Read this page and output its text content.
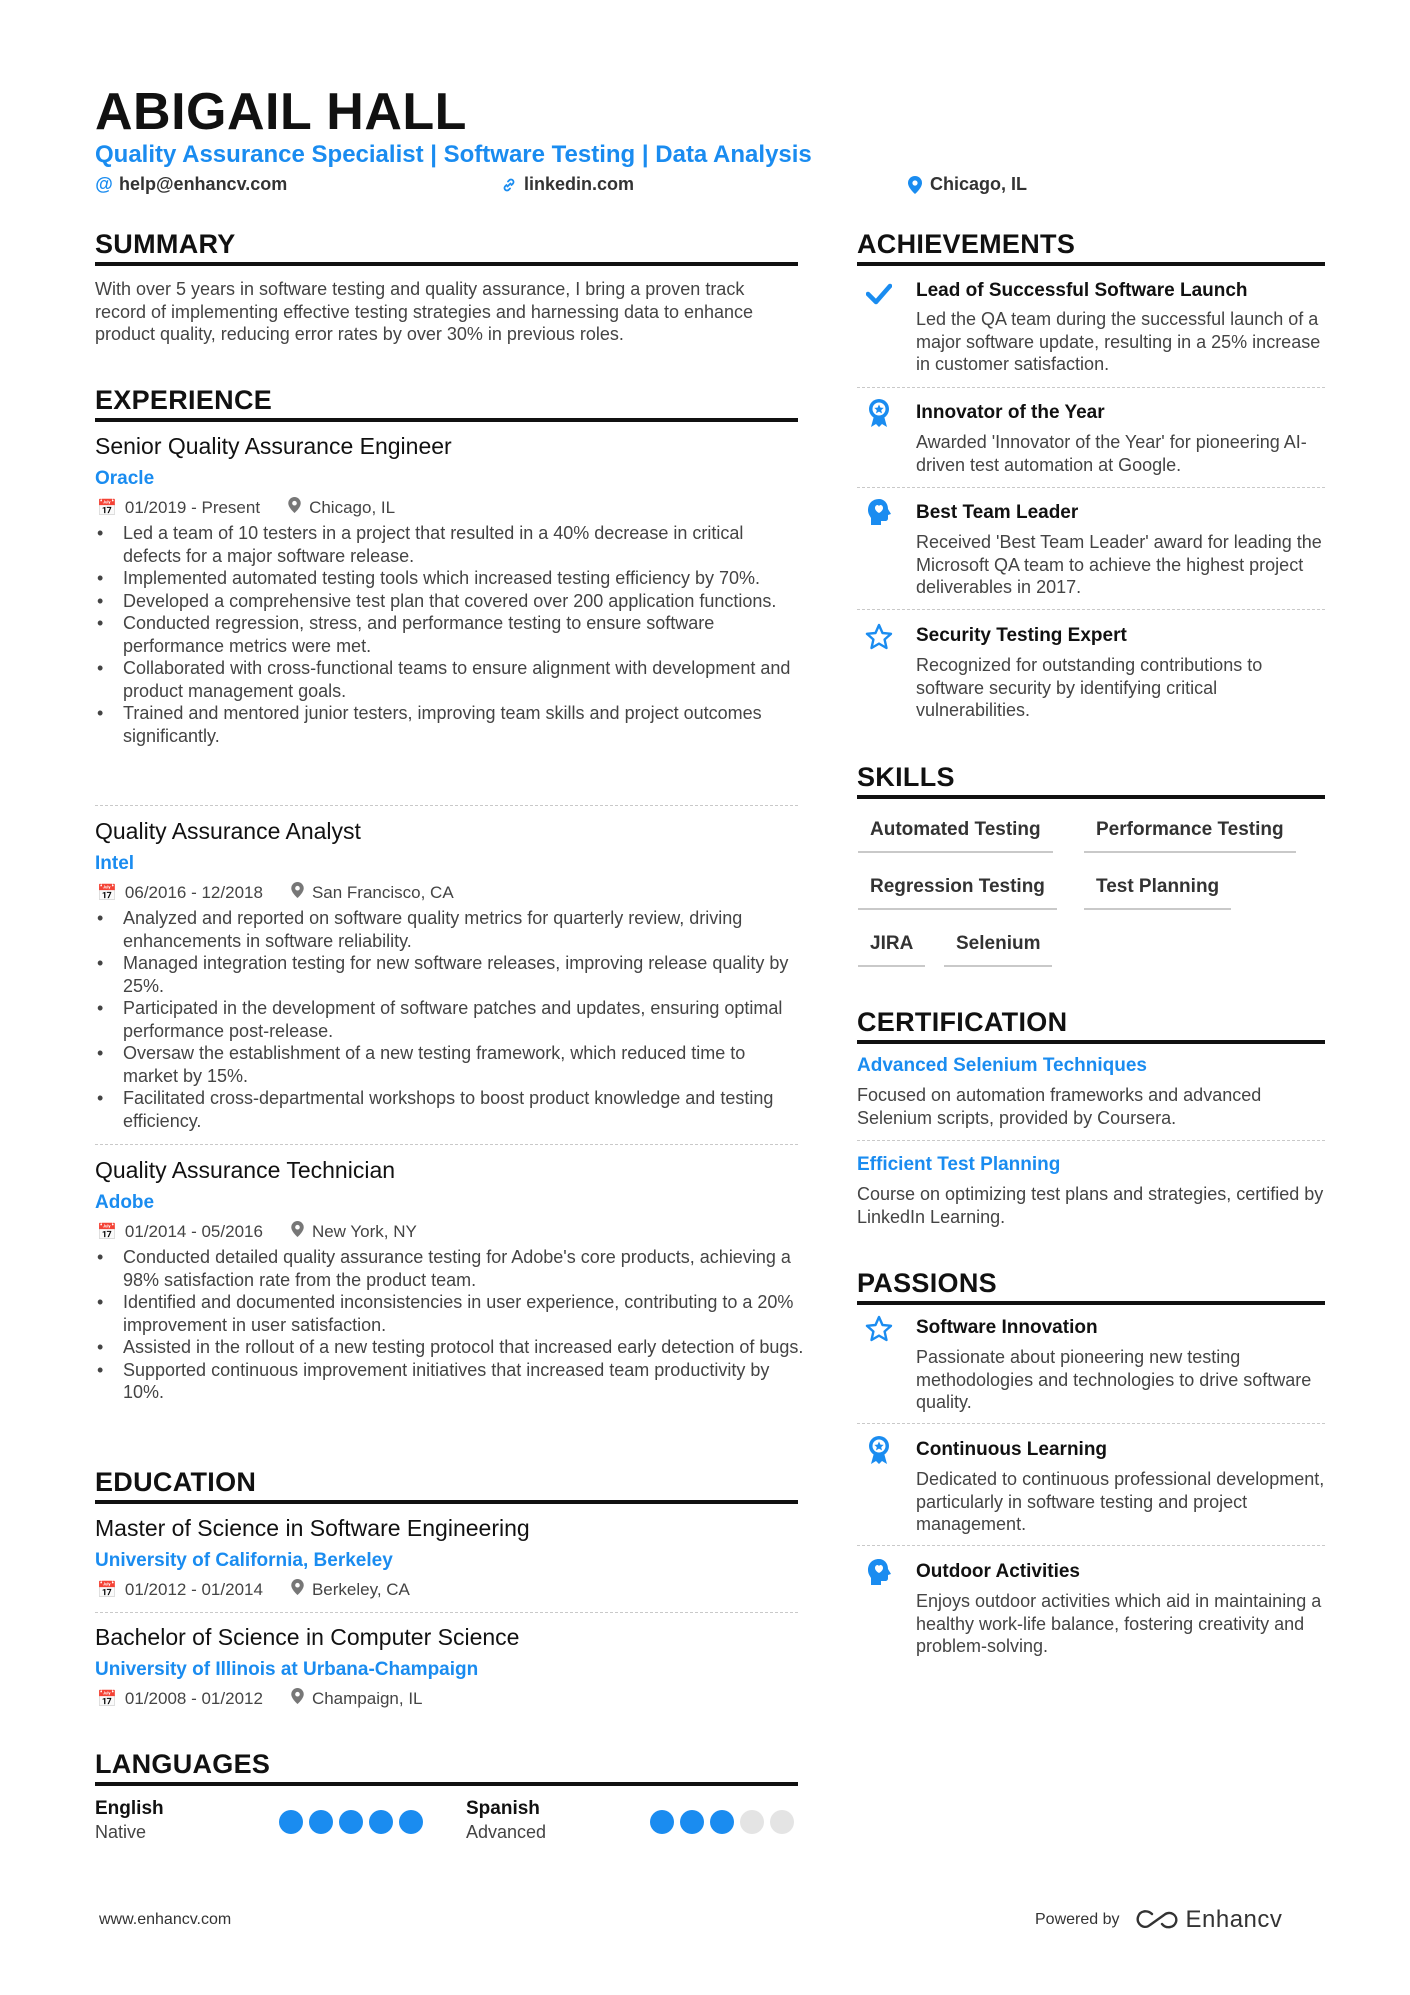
ABIGAIL HALL
Quality Assurance Specialist | Software Testing | Data Analysis
@ help@enhancv.com	linkedin.com	Chicago, IL
SUMMARY
With over 5 years in software testing and quality assurance, I bring a proven track record of implementing effective testing strategies and harnessing data to enhance product quality, reducing error rates by over 30% in previous roles.
EXPERIENCE
Senior Quality Assurance Engineer
Oracle
📅 01/2019 - Present	Chicago, IL
• Led a team of 10 testers in a project that resulted in a 40% decrease in critical defects for a major software release.
• Implemented automated testing tools which increased testing efficiency by 70%.
• Developed a comprehensive test plan that covered over 200 application functions.
• Conducted regression, stress, and performance testing to ensure software performance metrics were met.
• Collaborated with cross-functional teams to ensure alignment with development and product management goals.
• Trained and mentored junior testers, improving team skills and project outcomes significantly.
Quality Assurance Analyst
Intel
📅 06/2016 - 12/2018	San Francisco, CA
• Analyzed and reported on software quality metrics for quarterly review, driving enhancements in software reliability.
• Managed integration testing for new software releases, improving release quality by 25%.
• Participated in the development of software patches and updates, ensuring optimal performance post-release.
• Oversaw the establishment of a new testing framework, which reduced time to market by 15%.
• Facilitated cross-departmental workshops to boost product knowledge and testing efficiency.
Quality Assurance Technician
Adobe
📅 01/2014 - 05/2016	New York, NY
• Conducted detailed quality assurance testing for Adobe's core products, achieving a 98% satisfaction rate from the product team.
• Identified and documented inconsistencies in user experience, contributing to a 20% improvement in user satisfaction.
• Assisted in the rollout of a new testing protocol that increased early detection of bugs.
• Supported continuous improvement initiatives that increased team productivity by 10%.
EDUCATION
Master of Science in Software Engineering
University of California, Berkeley
📅 01/2012 - 01/2014	Berkeley, CA
Bachelor of Science in Computer Science
University of Illinois at Urbana-Champaign
📅 01/2008 - 01/2012	Champaign, IL
LANGUAGES
English
Native
Spanish
Advanced
ACHIEVEMENTS
Lead of Successful Software Launch
Led the QA team during the successful launch of a major software update, resulting in a 25% increase in customer satisfaction.
Innovator of the Year
Awarded 'Innovator of the Year' for pioneering AI-driven test automation at Google.
Best Team Leader
Received 'Best Team Leader' award for leading the Microsoft QA team to achieve the highest project deliverables in 2017.
Security Testing Expert
Recognized for outstanding contributions to software security by identifying critical vulnerabilities.
SKILLS
Automated Testing	Performance Testing
Regression Testing	Test Planning
JIRA	Selenium
CERTIFICATION
Advanced Selenium Techniques
Focused on automation frameworks and advanced Selenium scripts, provided by Coursera.
Efficient Test Planning
Course on optimizing test plans and strategies, certified by LinkedIn Learning.
PASSIONS
Software Innovation
Passionate about pioneering new testing methodologies and technologies to drive software quality.
Continuous Learning
Dedicated to continuous professional development, particularly in software testing and project management.
Outdoor Activities
Enjoys outdoor activities which aid in maintaining a healthy work-life balance, fostering creativity and problem-solving.
www.enhancv.com	Powered by	Enhancv
